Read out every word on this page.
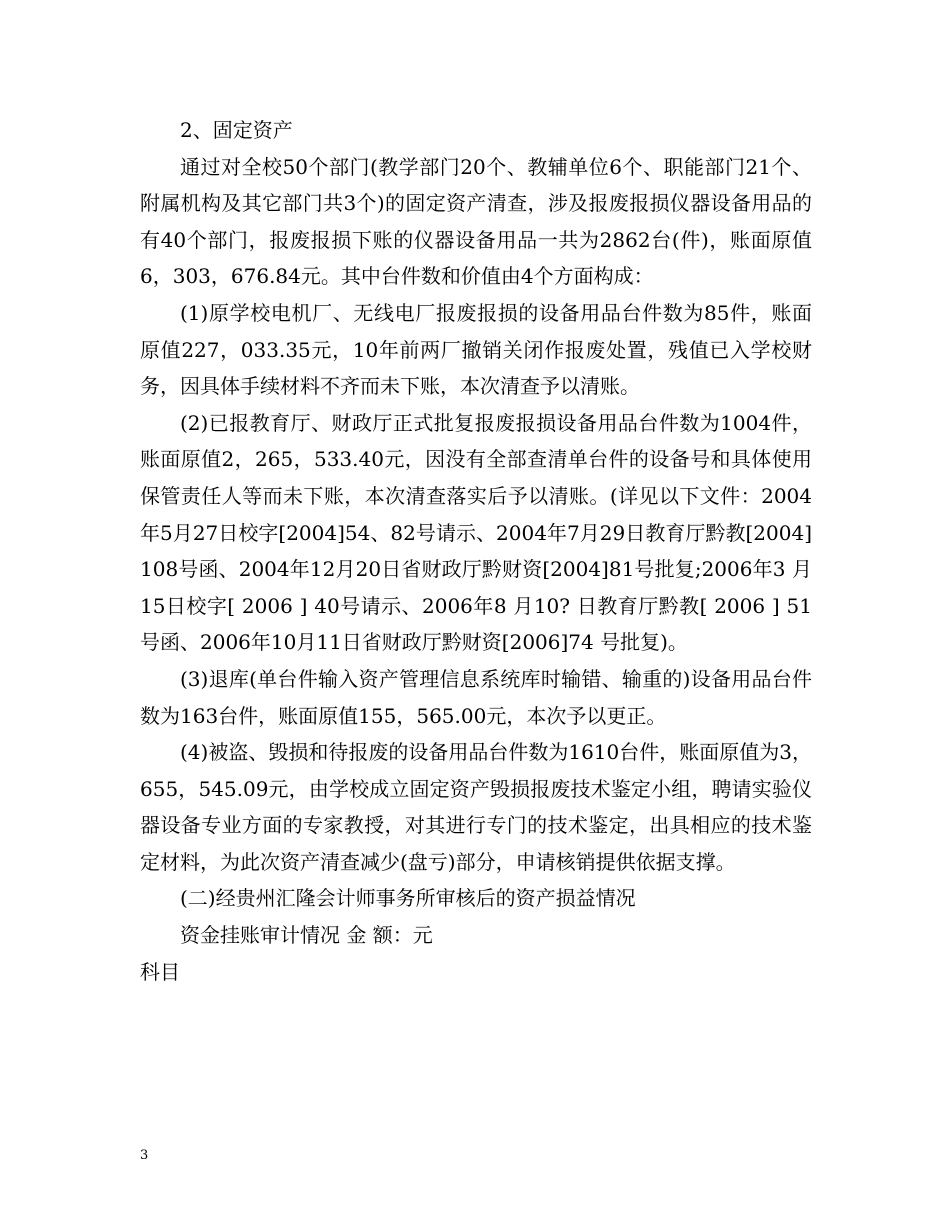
2、固定资产

通过对全校50个部门(教学部门20个、教辅单位6个、职能部门21个、附属机构及其它部门共3个)的固定资产清查，涉及报废报损仪器设备用品的有40个部门，报废报损下账的仪器设备用品一共为2862台(件)，账面原值6，303，676.84元。其中台件数和价值由4个方面构成：

(1)原学校电机厂、无线电厂报废报损的设备用品台件数为85件，账面原值227，033.35元，10年前两厂撤销关闭作报废处置，残值已入学校财务，因具体手续材料不齐而未下账，本次清查予以清账。

(2)已报教育厅、财政厅正式批复报废报损设备用品台件数为1004件，账面原值2，265，533.40元，因没有全部查清单台件的设备号和具体使用保管责任人等而未下账，本次清查落实后予以清账。(详见以下文件：2004年5月27日校字[2004]54、82号请示、2004年7月29日教育厅黔教[2004]108号函、2004年12月20日省财政厅黔财资[2004]81号批复;2006年3 月 15日校字[ 2006 ] 40号请示、2006年8 月10? 日教育厅黔教[ 2006 ] 51 号函、2006年10月11日省财政厅黔财资[2006]74 号批复)。

(3)退库(单台件输入资产管理信息系统库时输错、输重的)设备用品台件数为163台件，账面原值155，565.00元，本次予以更正。

(4)被盗、毁损和待报废的设备用品台件数为1610台件，账面原值为3，655，545.09元，由学校成立固定资产毁损报废技术鉴定小组，聘请实验仪器设备专业方面的专家教授，对其进行专门的技术鉴定，出具相应的技术鉴定材料，为此次资产清查减少(盘亏)部分，申请核销提供依据支撑。

(二)经贵州汇隆会计师事务所审核后的资产损益情况

资金挂账审计情况 金 额：元

科目

3
